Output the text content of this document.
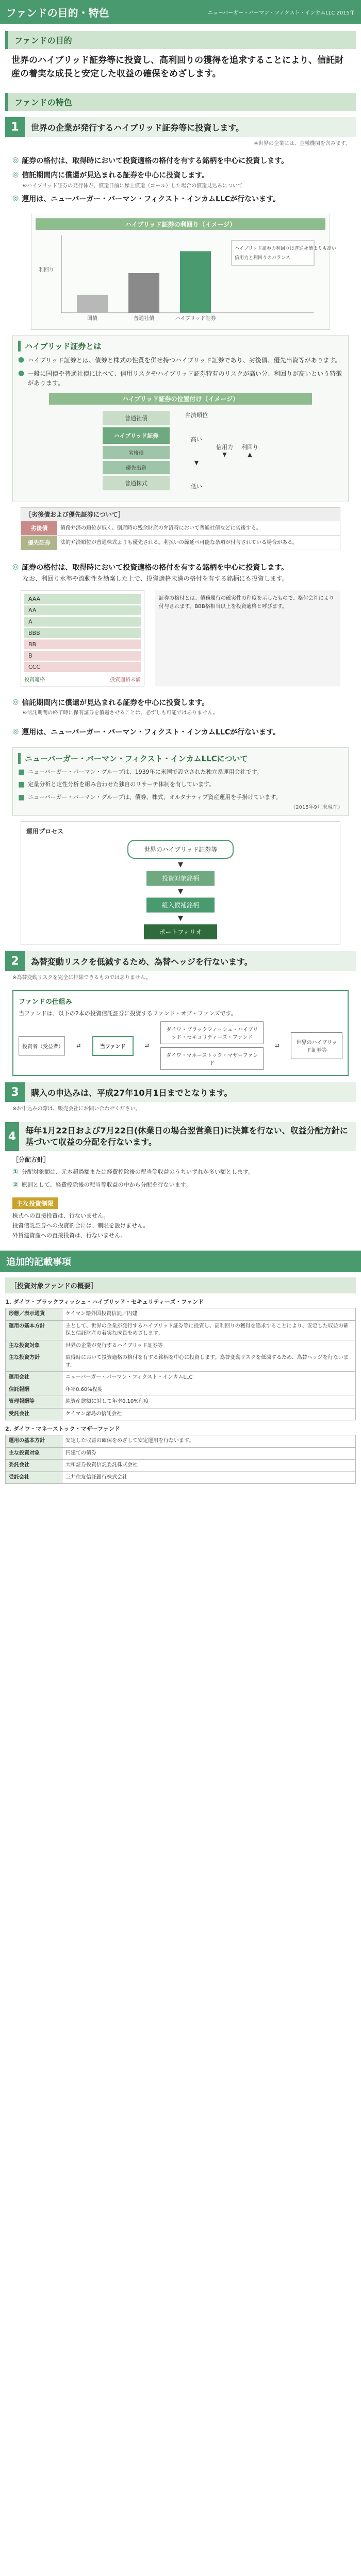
ファンドの目的・特色	ニューバーガー・バーマン・フィクスト・インカムLLC 2015年
ファンドの目的
世界のハイブリッド証券等に投資し、高利回りの獲得を追求することにより、信託財産の着実な成長と安定した収益の確保をめざします。
ファンドの特色
1	世界の企業が発行するハイブリッド証券等に投資します。
※世界の企業には、金融機関を含みます。
◎ 証券の格付は、取得時において投資適格の格付を有する銘柄を中心に投資します。
◎ 信託期間内に償還が見込まれる証券を中心に投資します。
※ハイブリッド証券の発行体が、償還日前に繰上償還（コール）した場合の償還見込みについて
◎ 運用は、ニューバーガー・バーマン・フィクスト・インカムLLCが行ないます。
ハイブリッド証券の利回り（イメージ）
利回り
国債	普通社債	ハイブリッド証券
ハイブリッド証券の利回りは普通社債よりも高い
信用力と利回りのバランス
ハイブリッド証券とは
● ハイブリッド証券とは、債券と株式の性質を併せ持つハイブリッド証券であり、劣後債、優先出資等があります。
● 一般に国債や普通社債に比べて、信用リスクやハイブリッド証券特有のリスクが高い分、利回りが高いという特徴があります。
ハイブリッド証券の位置付け（イメージ）
普通社債
ハイブリッド証券
劣後債
優先出資
普通株式
弁済順位
高い
▼
低い
信用力
▼
利回り
▲
［劣後債および優先証券について］
劣後債	債務弁済の順位が低く、倒産時の残余財産の弁済時において普通社債などに劣後する。
優先証券	法的弁済順位が普通株式よりも優先される。利払いの繰延べ可能な条項が付与されている場合がある。
◎ 証券の格付は、取得時において投資適格の格付を有する銘柄を中心に投資します。
なお、利回り水準や流動性を勘案した上で、投資適格未満の格付を有する銘柄にも投資します。
AAA
AA
A
BBB
BB
B
CCC
投資適格	投資適格未満
証券の格付とは、債務履行の確実性の程度を示したもので、格付会社により付与されます。BBB格相当以上を投資適格と呼びます。
◎ 信託期間内に償還が見込まれる証券を中心に投資します。
※信託期間の終了時に保有証券を償還させることは、必ずしも可能ではありません。
◎ 運用は、ニューバーガー・バーマン・フィクスト・インカムLLCが行ないます。
ニューバーガー・バーマン・フィクスト・インカムLLCについて
■ ニューバーガー・バーマン・グループは、1939年に米国で設立された独立系運用会社です。
■ 定量分析と定性分析を組み合わせた独自のリサーチ体制を有しています。
■ ニューバーガー・バーマン・グループは、債券、株式、オルタナティブ資産運用を手掛けています。
（2015年9月末現在）
運用プロセス
世界のハイブリッド証券等
▼
投資対象銘柄
▼
組入候補銘柄
▼
ポートフォリオ
2	為替変動リスクを低減するため、為替ヘッジを行ないます。
※為替変動リスクを完全に排除できるものではありません。
ファンドの仕組み
当ファンドは、以下の2本の投資信託証券に投資するファンド・オブ・ファンズです。
投資者（受益者）	⇄	当ファンド	⇄
ダイワ・ブラックフィッシュ・ハイブリッド・セキュリティーズ・ファンド
ダイワ・マネーストック・マザーファンド
⇄	世界のハイブリッド証券等
3	購入の申込みは、平成27年10月1日までとなります。
※お申込みの際は、販売会社にお問い合わせください。
4	毎年1月22日および7月22日(休業日の場合翌営業日)に決算を行ない、収益分配方針に基づいて収益の分配を行ないます。
［分配方針］
① 分配対象額は、元本超過額または経費控除後の配当等収益のうちいずれか多い額とします。
② 原則として、経費控除後の配当等収益の中から分配を行ないます。
主な投資制限
株式への直接投資は、行ないません。
投資信託証券への投資割合には、制限を設けません。
外貨建資産への直接投資は、行ないません。
追加的記載事項
［投資対象ファンドの概要］
1. ダイワ・ブラックフィッシュ・ハイブリッド・セキュリティーズ・ファンド
形態／表示通貨	ケイマン籍外国投資信託／円建
運用の基本方針	主として、世界の企業が発行するハイブリッド証券等に投資し、高利回りの獲得を追求することにより、安定した収益の確保と信託財産の着実な成長をめざします。
主な投資対象	世界の企業が発行するハイブリッド証券等
主な投資方針	取得時において投資適格の格付を有する銘柄を中心に投資します。為替変動リスクを低減するため、為替ヘッジを行ないます。
運用会社	ニューバーガー・バーマン・フィクスト・インカムLLC
信託報酬	年率0.60%程度
管理報酬等	純資産総額に対して年率0.10%程度
受託会社	ケイマン諸島の信託会社
2. ダイワ・マネーストック・マザーファンド
運用の基本方針	安定した収益の確保をめざして安定運用を行ないます。
主な投資対象	円建ての債券
委託会社	大和証券投資信託委託株式会社
受託会社	三井住友信託銀行株式会社
